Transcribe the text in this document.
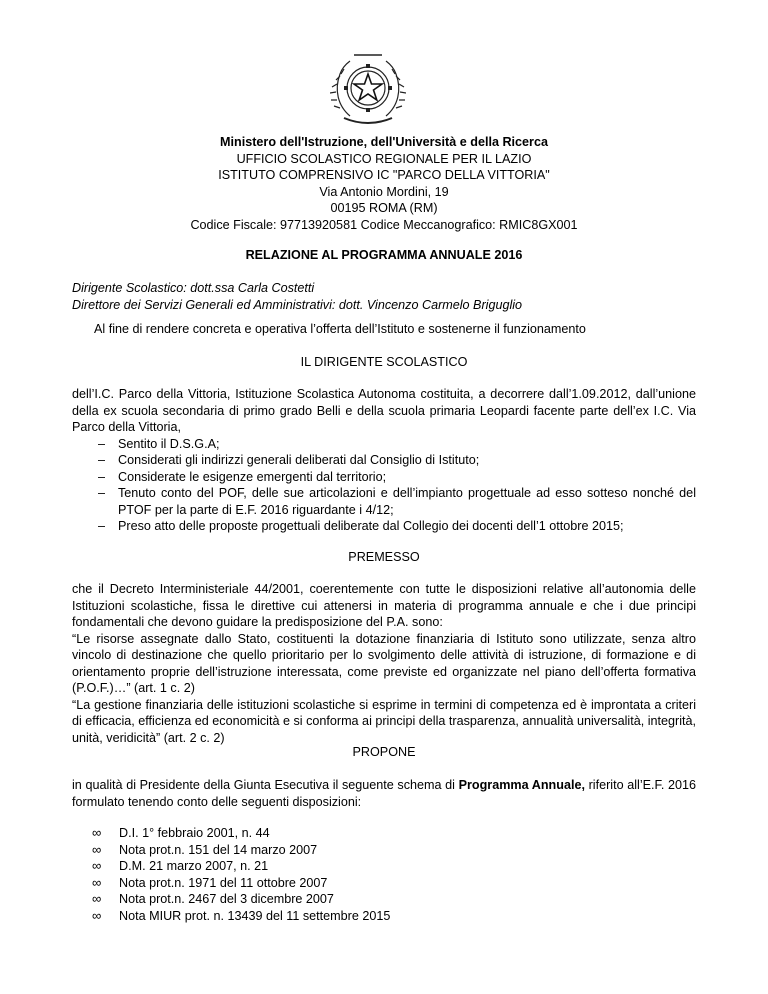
Ministero dell'Istruzione, dell'Università e della Ricerca
UFFICIO SCOLASTICO REGIONALE PER IL LAZIO
ISTITUTO COMPRENSIVO IC "PARCO DELLA VITTORIA"
Via Antonio Mordini, 19
00195 ROMA (RM)
Codice Fiscale: 97713920581 Codice Meccanografico: RMIC8GX001
RELAZIONE AL PROGRAMMA ANNUALE 2016
Dirigente Scolastico: dott.ssa Carla Costetti
Direttore dei Servizi Generali ed Amministrativi: dott. Vincenzo Carmelo Briguglio
Al fine di rendere concreta e operativa l’offerta dell’Istituto e sostenerne il funzionamento
IL DIRIGENTE SCOLASTICO

dell’I.C. Parco della Vittoria, Istituzione Scolastica Autonoma costituita, a decorrere dall’1.09.2012, dall’unione della ex scuola secondaria di primo grado Belli e della scuola primaria Leopardi facente parte dell’ex I.C. Via Parco della Vittoria,

– Sentito il D.S.G.A;
– Considerati gli indirizzi generali deliberati dal Consiglio di Istituto;
– Considerate le esigenze emergenti dal territorio;
– Tenuto conto del POF, delle sue articolazioni e dell’impianto progettuale ad esso sotteso nonché del PTOF per la parte di E.F. 2016 riguardante i 4/12;
– Preso atto delle proposte progettuali deliberate dal Collegio dei docenti dell’1 ottobre 2015;
PREMESSO

che il Decreto Interministeriale 44/2001, coerentemente con tutte le disposizioni relative all’autonomia delle Istituzioni scolastiche, fissa le direttive cui attenersi in materia di programma annuale e che i due principi fondamentali che devono guidare la predisposizione del P.A. sono:

“Le risorse assegnate dallo Stato, costituenti la dotazione finanziaria di Istituto sono utilizzate, senza altro vincolo di destinazione che quello prioritario per lo svolgimento delle attività di istruzione, di formazione e di orientamento proprie dell’istruzione interessata, come previste ed organizzate nel piano dell’offerta formativa (P.O.F.)…” (art. 1 c. 2)

“La gestione finanziaria delle istituzioni scolastiche si esprime in termini di competenza ed è improntata a criteri di efficacia, efficienza ed economicità e si conforma ai principi della trasparenza, annualità universalità, integrità, unità, veridicità” (art. 2 c. 2)

PROPONE
in qualità di Presidente della Giunta Esecutiva il seguente schema di Programma Annuale, riferito all’E.F. 2016 formulato tenendo conto delle seguenti disposizioni:
∞ D.I. 1° febbraio 2001, n. 44
∞ Nota prot.n. 151 del 14 marzo 2007
∞ D.M. 21 marzo 2007, n. 21
∞ Nota prot.n. 1971 del 11 ottobre 2007
∞ Nota prot.n. 2467 del 3 dicembre 2007
∞ Nota MIUR prot. n. 13439 del 11 settembre 2015
